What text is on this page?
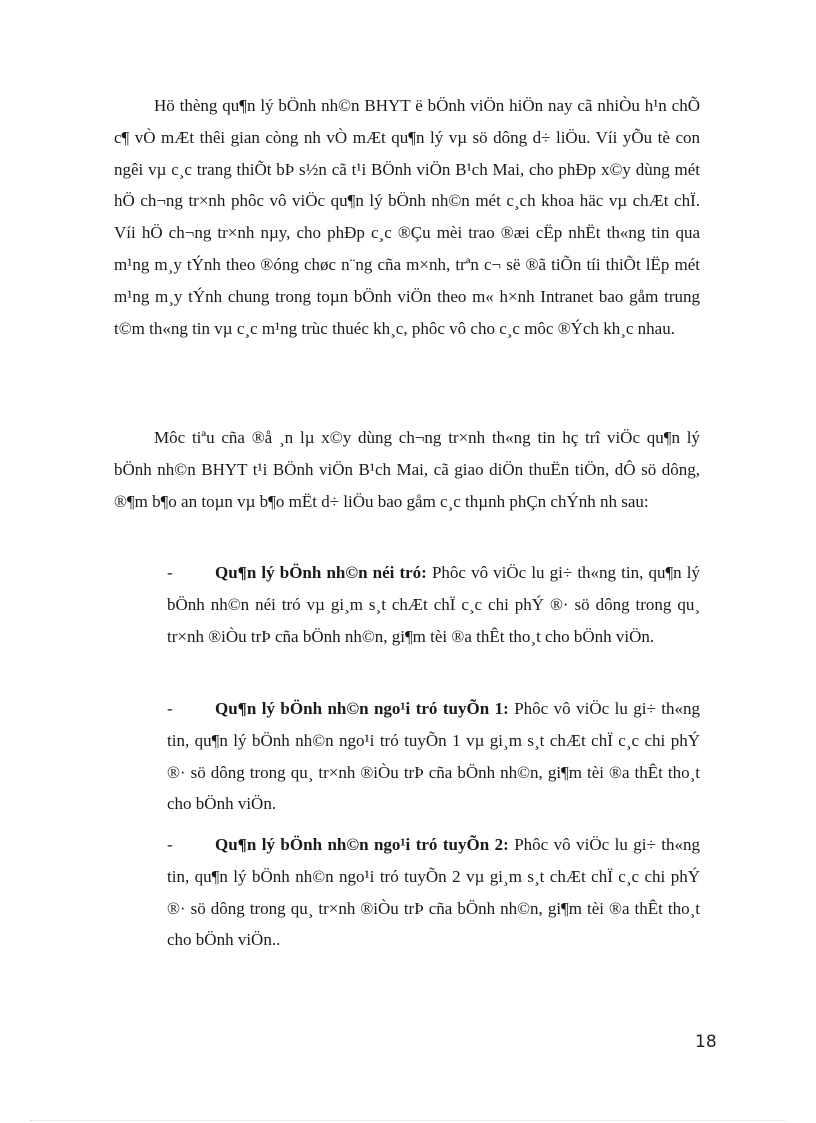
Hö thèng qu¶n lý bÖnh nh©n BHYT ë bÖnh viÖn hiÖn nay cã nhiÒu h¹n chÕ c¶ vÒ mÆt thêi gian còng nh vÒ mÆt qu¶n lý vµ sö dông d÷ liÖu. Víi yÕu tè con ngêi vµ c¸c trang thiÕt bÞ s½n cã t¹i BÖnh viÖn B¹ch Mai, cho phÐp x©y dùng mét hÖ ch¬ng tr×nh phôc vô viÖc qu¶n lý bÖnh nh©n mét c¸ch khoa häc vµ chÆt chÏ. Víi hÖ ch¬ng tr×nh nµy, cho phÐp c¸c ®Çu mèi trao ®æi cËp nhËt th«ng tin qua m¹ng m¸y tÝnh theo ®óng chøc n¨ng cña m×nh, trªn c¬ së ®ã tiÕn tíi thiÕt lËp mét m¹ng m¸y tÝnh chung trong toµn bÖnh viÖn theo m« h×nh Intranet bao gåm trung t©m th«ng tin vµ c¸c m¹ng trùc thuéc kh¸c, phôc vô cho c¸c môc ®Ých kh¸c nhau.

Môc tiªu cña ®å ¸n lµ x©y dùng ch¬ng tr×nh th«ng tin hç trî viÖc qu¶n lý bÖnh nh©n BHYT t¹i BÖnh viÖn B¹ch Mai, cã giao diÖn thuËn tiÖn, dÔ sö dông, ®¶m b¶o an toµn vµ b¶o mËt d÷ liÖu bao gåm c¸c thµnh phÇn chÝnh nh sau:

- Qu¶n lý bÖnh nh©n néi tró: Phôc vô viÖc lu gi÷ th«ng tin, qu¶n lý bÖnh nh©n néi tró vµ gi¸m s¸t chÆt chÏ c¸c chi phÝ ®· sö dông trong qu¸ tr×nh ®iÒu trÞ cña bÖnh nh©n, gi¶m tèi ®a thÊt tho¸t cho bÖnh viÖn.

- Qu¶n lý bÖnh nh©n ngo¹i tró tuyÕn 1: Phôc vô viÖc lu gi÷ th«ng tin, qu¶n lý bÖnh nh©n ngo¹i tró tuyÕn 1 vµ gi¸m s¸t chÆt chÏ c¸c chi phÝ ®· sö dông trong qu¸ tr×nh ®iÒu trÞ cña bÖnh nh©n, gi¶m tèi ®a thÊt tho¸t cho bÖnh viÖn.

- Qu¶n lý bÖnh nh©n ngo¹i tró tuyÕn 2: Phôc vô viÖc lu gi÷ th«ng tin, qu¶n lý bÖnh nh©n ngo¹i tró tuyÕn 2 vµ gi¸m s¸t chÆt chÏ c¸c chi phÝ ®· sö dông trong qu¸ tr×nh ®iÒu trÞ cña bÖnh nh©n, gi¶m tèi ®a thÊt tho¸t cho bÖnh viÖn..

18
